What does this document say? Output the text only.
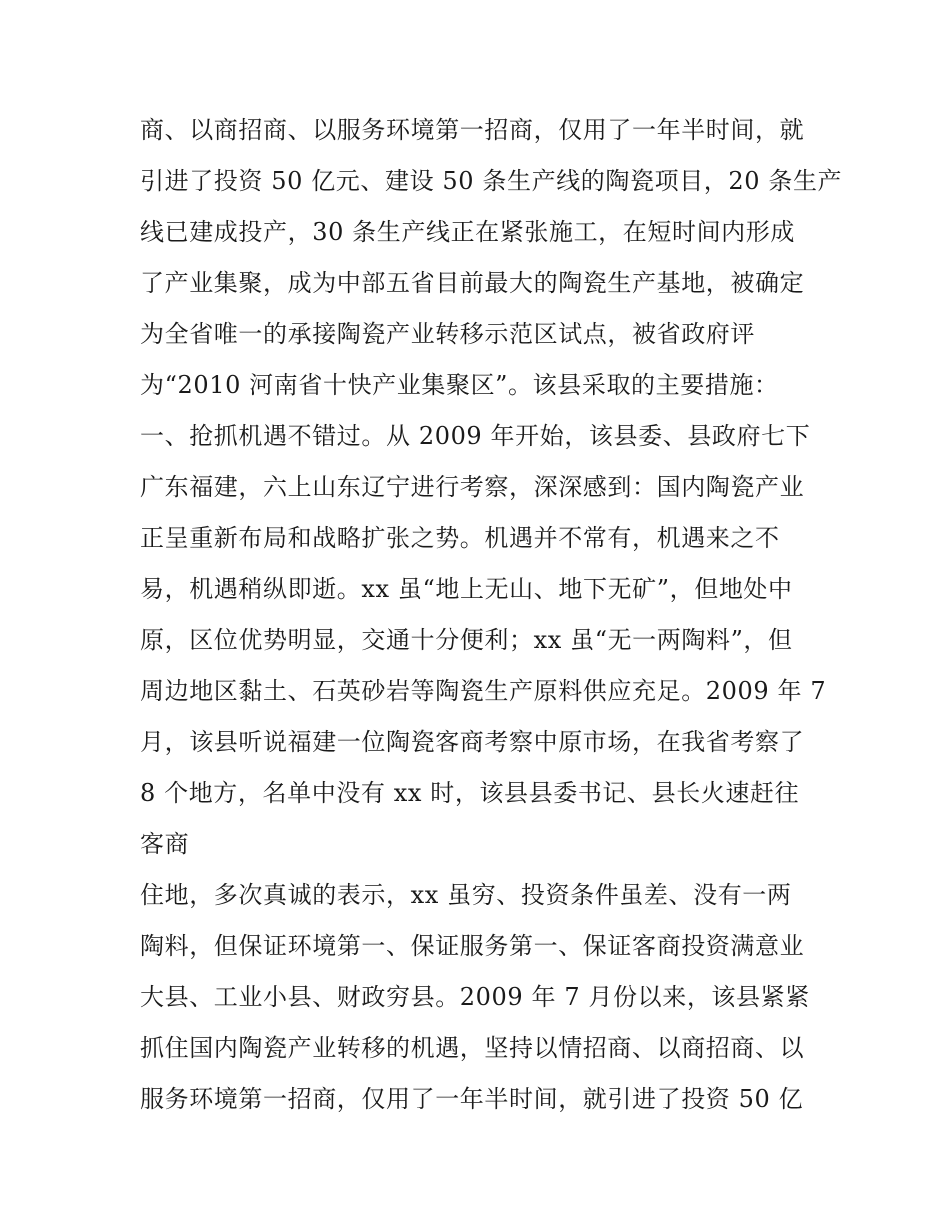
商、以商招商、以服务环境第一招商，仅用了一年半时间，就
引进了投资 50 亿元、建设 50 条生产线的陶瓷项目，20 条生产
线已建成投产，30 条生产线正在紧张施工，在短时间内形成
了产业集聚，成为中部五省目前最大的陶瓷生产基地，被确定
为全省唯一的承接陶瓷产业转移示范区试点，被省政府评
为“2010 河南省十快产业集聚区”。该县采取的主要措施：
一、抢抓机遇不错过。从 2009 年开始，该县委、县政府七下
广东福建，六上山东辽宁进行考察，深深感到：国内陶瓷产业
正呈重新布局和战略扩张之势。机遇并不常有，机遇来之不
易，机遇稍纵即逝。xx 虽“地上无山、地下无矿”，但地处中
原，区位优势明显，交通十分便利；xx 虽“无一两陶料”，但
周边地区黏土、石英砂岩等陶瓷生产原料供应充足。2009 年 7
月，该县听说福建一位陶瓷客商考察中原市场，在我省考察了
8 个地方，名单中没有 xx 时，该县县委书记、县长火速赶往
客商
住地，多次真诚的表示，xx 虽穷、投资条件虽差、没有一两
陶料，但保证环境第一、保证服务第一、保证客商投资满意业
大县、工业小县、财政穷县。2009 年 7 月份以来，该县紧紧
抓住国内陶瓷产业转移的机遇，坚持以情招商、以商招商、以
服务环境第一招商，仅用了一年半时间，就引进了投资 50 亿
